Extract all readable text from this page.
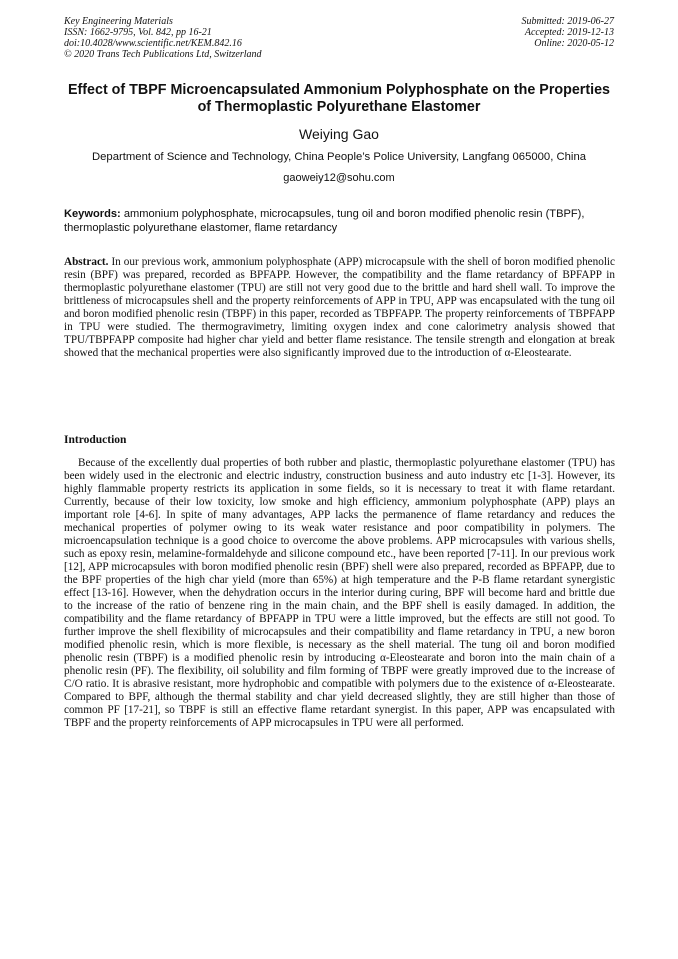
Key Engineering Materials
ISSN: 1662-9795, Vol. 842, pp 16-21
doi:10.4028/www.scientific.net/KEM.842.16
© 2020 Trans Tech Publications Ltd, Switzerland
Submitted: 2019-06-27
Accepted: 2019-12-13
Online: 2020-05-12
Effect of TBPF Microencapsulated Ammonium Polyphosphate on the Properties of Thermoplastic Polyurethane Elastomer
Weiying Gao
Department of Science and Technology, China People’s Police University, Langfang 065000, China
gaoweiy12@sohu.com
Keywords: ammonium polyphosphate, microcapsules, tung oil and boron modified phenolic resin (TBPF), thermoplastic polyurethane elastomer, flame retardancy
Abstract. In our previous work, ammonium polyphosphate (APP) microcapsule with the shell of boron modified phenolic resin (BPF) was prepared, recorded as BPFAPP. However, the compatibility and the flame retardancy of BPFAPP in thermoplastic polyurethane elastomer (TPU) are still not very good due to the brittle and hard shell wall. To improve the brittleness of microcapsules shell and the property reinforcements of APP in TPU, APP was encapsulated with the tung oil and boron modified phenolic resin (TBPF) in this paper, recorded as TBPFAPP. The property reinforcements of TBPFAPP in TPU were studied. The thermogravimetry, limiting oxygen index and cone calorimetry analysis showed that TPU/TBPFAPP composite had higher char yield and better flame resistance. The tensile strength and elongation at break showed that the mechanical properties were also significantly improved due to the introduction of α-Eleostearate.
Introduction
Because of the excellently dual properties of both rubber and plastic, thermoplastic polyurethane elastomer (TPU) has been widely used in the electronic and electric industry, construction business and auto industry etc [1-3]. However, its highly flammable property restricts its application in some fields, so it is necessary to treat it with flame retardant. Currently, because of their low toxicity, low smoke and high efficiency, ammonium polyphosphate (APP) plays an important role [4-6]. In spite of many advantages, APP lacks the permanence of flame retardancy and reduces the mechanical properties of polymer owing to its weak water resistance and poor compatibility in polymers. The microencapsulation technique is a good choice to overcome the above problems. APP microcapsules with various shells, such as epoxy resin, melamine-formaldehyde and silicone compound etc., have been reported [7-11]. In our previous work [12], APP microcapsules with boron modified phenolic resin (BPF) shell were also prepared, recorded as BPFAPP, due to the BPF properties of the high char yield (more than 65%) at high temperature and the P-B flame retardant synergistic effect [13-16]. However, when the dehydration occurs in the interior during curing, BPF will become hard and brittle due to the increase of the ratio of benzene ring in the main chain, and the BPF shell is easily damaged. In addition, the compatibility and the flame retardancy of BPFAPP in TPU were a little improved, but the effects are still not good. To further improve the shell flexibility of microcapsules and their compatibility and flame retardancy in TPU, a new boron modified phenolic resin, which is more flexible, is necessary as the shell material. The tung oil and boron modified phenolic resin (TBPF) is a modified phenolic resin by introducing α-Eleostearate and boron into the main chain of a phenolic resin (PF). The flexibility, oil solubility and film forming of TBPF were greatly improved due to the increase of C/O ratio. It is abrasive resistant, more hydrophobic and compatible with polymers due to the existence of α-Eleostearate. Compared to BPF, although the thermal stability and char yield decreased slightly, they are still higher than those of common PF [17-21], so TBPF is still an effective flame retardant synergist. In this paper, APP was encapsulated with TBPF and the property reinforcements of APP microcapsules in TPU were all performed.
